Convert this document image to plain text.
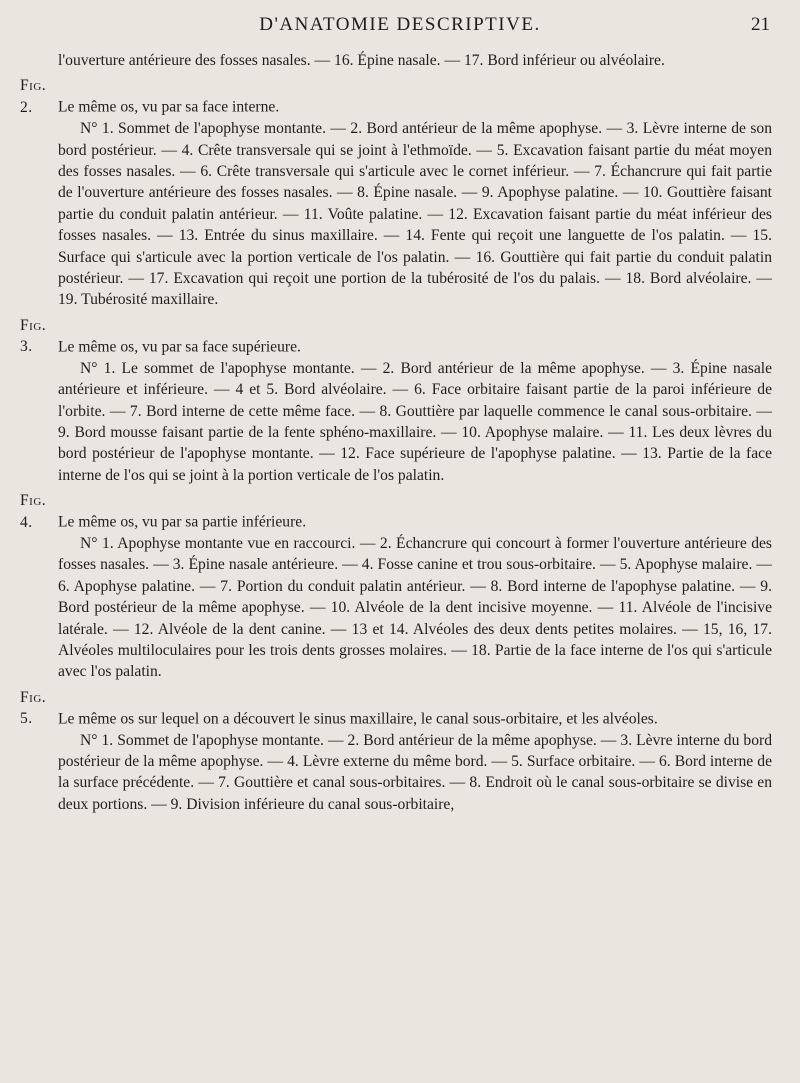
D'ANATOMIE DESCRIPTIVE.	21

l'ouverture antérieure des fosses nasales. — 16. Épine nasale. — 17. Bord inférieur ou alvéolaire.

Fig. 2. Le même os, vu par sa face interne.

N° 1. Sommet de l'apophyse montante. — 2. Bord antérieur de la même apophyse. — 3. Lèvre interne de son bord postérieur. — 4. Crête transversale qui se joint à l'ethmoïde. — 5. Excavation faisant partie du méat moyen des fosses nasales. — 6. Crête transversale qui s'articule avec le cornet inférieur. — 7. Échancrure qui fait partie de l'ouverture antérieure des fosses nasales. — 8. Épine nasale. — 9. Apophyse palatine. — 10. Gouttière faisant partie du conduit palatin antérieur. — 11. Voûte palatine. — 12. Excavation faisant partie du méat inférieur des fosses nasales. — 13. Entrée du sinus maxillaire. — 14. Fente qui reçoit une languette de l'os palatin. — 15. Surface qui s'articule avec la portion verticale de l'os palatin. — 16. Gouttière qui fait partie du conduit palatin postérieur. — 17. Excavation qui reçoit une portion de la tubérosité de l'os du palais. — 18. Bord alvéolaire. — 19. Tubérosité maxillaire.

Fig. 3. Le même os, vu par sa face supérieure.

N° 1. Le sommet de l'apophyse montante. — 2. Bord antérieur de la même apophyse. — 3. Épine nasale antérieure et inférieure. — 4 et 5. Bord alvéolaire. — 6. Face orbitaire faisant partie de la paroi inférieure de l'orbite. — 7. Bord interne de cette même face. — 8. Gouttière par laquelle commence le canal sous-orbitaire. — 9. Bord mousse faisant partie de la fente sphéno-maxillaire. — 10. Apophyse malaire. — 11. Les deux lèvres du bord postérieur de l'apophyse montante. — 12. Face supérieure de l'apophyse palatine. — 13. Partie de la face interne de l'os qui se joint à la portion verticale de l'os palatin.

Fig. 4. Le même os, vu par sa partie inférieure.

N° 1. Apophyse montante vue en raccourci. — 2. Échancrure qui concourt à former l'ouverture antérieure des fosses nasales. — 3. Épine nasale antérieure. — 4. Fosse canine et trou sous-orbitaire. — 5. Apophyse malaire. — 6. Apophyse palatine. — 7. Portion du conduit palatin antérieur. — 8. Bord interne de l'apophyse palatine. — 9. Bord postérieur de la même apophyse. — 10. Alvéole de la dent incisive moyenne. — 11. Alvéole de l'incisive latérale. — 12. Alvéole de la dent canine. — 13 et 14. Alvéoles des deux dents petites molaires. — 15, 16, 17. Alvéoles multiloculaires pour les trois dents grosses molaires. — 18. Partie de la face interne de l'os qui s'articule avec l'os palatin.

Fig. 5. Le même os sur lequel on a découvert le sinus maxillaire, le canal sous-orbitaire, et les alvéoles.

N° 1. Sommet de l'apophyse montante. — 2. Bord antérieur de la même apophyse. — 3. Lèvre interne du bord postérieur de la même apophyse. — 4. Lèvre externe du même bord. — 5. Surface orbitaire. — 6. Bord interne de la surface précédente. — 7. Gouttière et canal sous-orbitaires. — 8. Endroit où le canal sous-orbitaire se divise en deux portions. — 9. Division inférieure du canal sous-orbitaire,
